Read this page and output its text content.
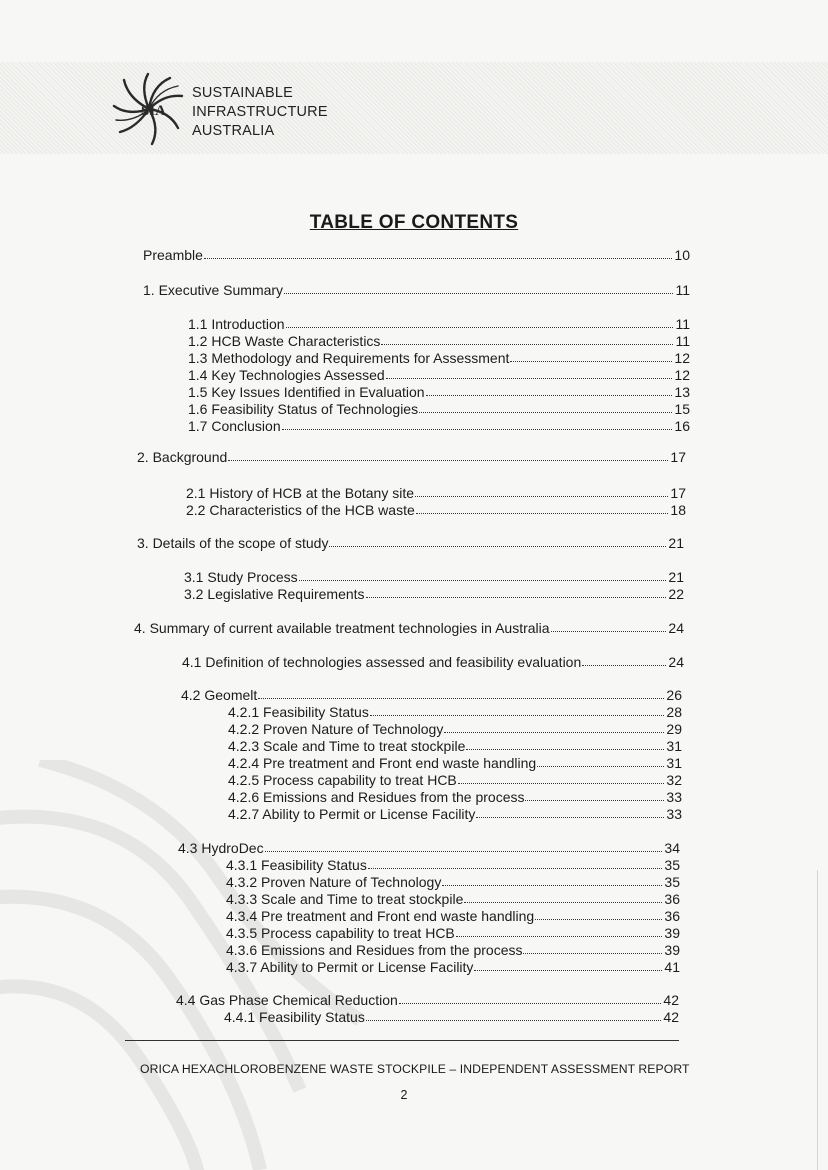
SIA
SUSTAINABLE
INFRASTRUCTURE
AUSTRALIA
TABLE OF CONTENTS
Preamble	10
1. Executive Summary	11
1.1 Introduction	11
1.2 HCB Waste Characteristics	11
1.3 Methodology and Requirements for Assessment	12
1.4 Key Technologies Assessed	12
1.5 Key Issues Identified in Evaluation	13
1.6 Feasibility Status of Technologies	15
1.7 Conclusion	16
2. Background	17
2.1 History of HCB at the Botany site	17
2.2 Characteristics of the HCB waste	18
3. Details of the scope of study	21
3.1 Study Process	21
3.2 Legislative Requirements	22
4. Summary of current available treatment technologies in Australia	24
4.1 Definition of technologies assessed and feasibility evaluation	24
4.2 Geomelt	26
4.2.1 Feasibility Status	28
4.2.2 Proven Nature of Technology	29
4.2.3 Scale and Time to treat stockpile	31
4.2.4 Pre treatment and Front end waste handling	31
4.2.5 Process capability to treat HCB	32
4.2.6 Emissions and Residues from the process	33
4.2.7 Ability to Permit or License Facility	33
4.3 HydroDec	34
4.3.1 Feasibility Status	35
4.3.2 Proven Nature of Technology	35
4.3.3 Scale and Time to treat stockpile	36
4.3.4 Pre treatment and Front end waste handling	36
4.3.5 Process capability to treat HCB	39
4.3.6 Emissions and Residues from the process	39
4.3.7 Ability to Permit or License Facility	41
4.4 Gas Phase Chemical Reduction	42
4.4.1 Feasibility Status	42
ORICA HEXACHLOROBENZENE WASTE STOCKPILE – INDEPENDENT ASSESSMENT REPORT
2
